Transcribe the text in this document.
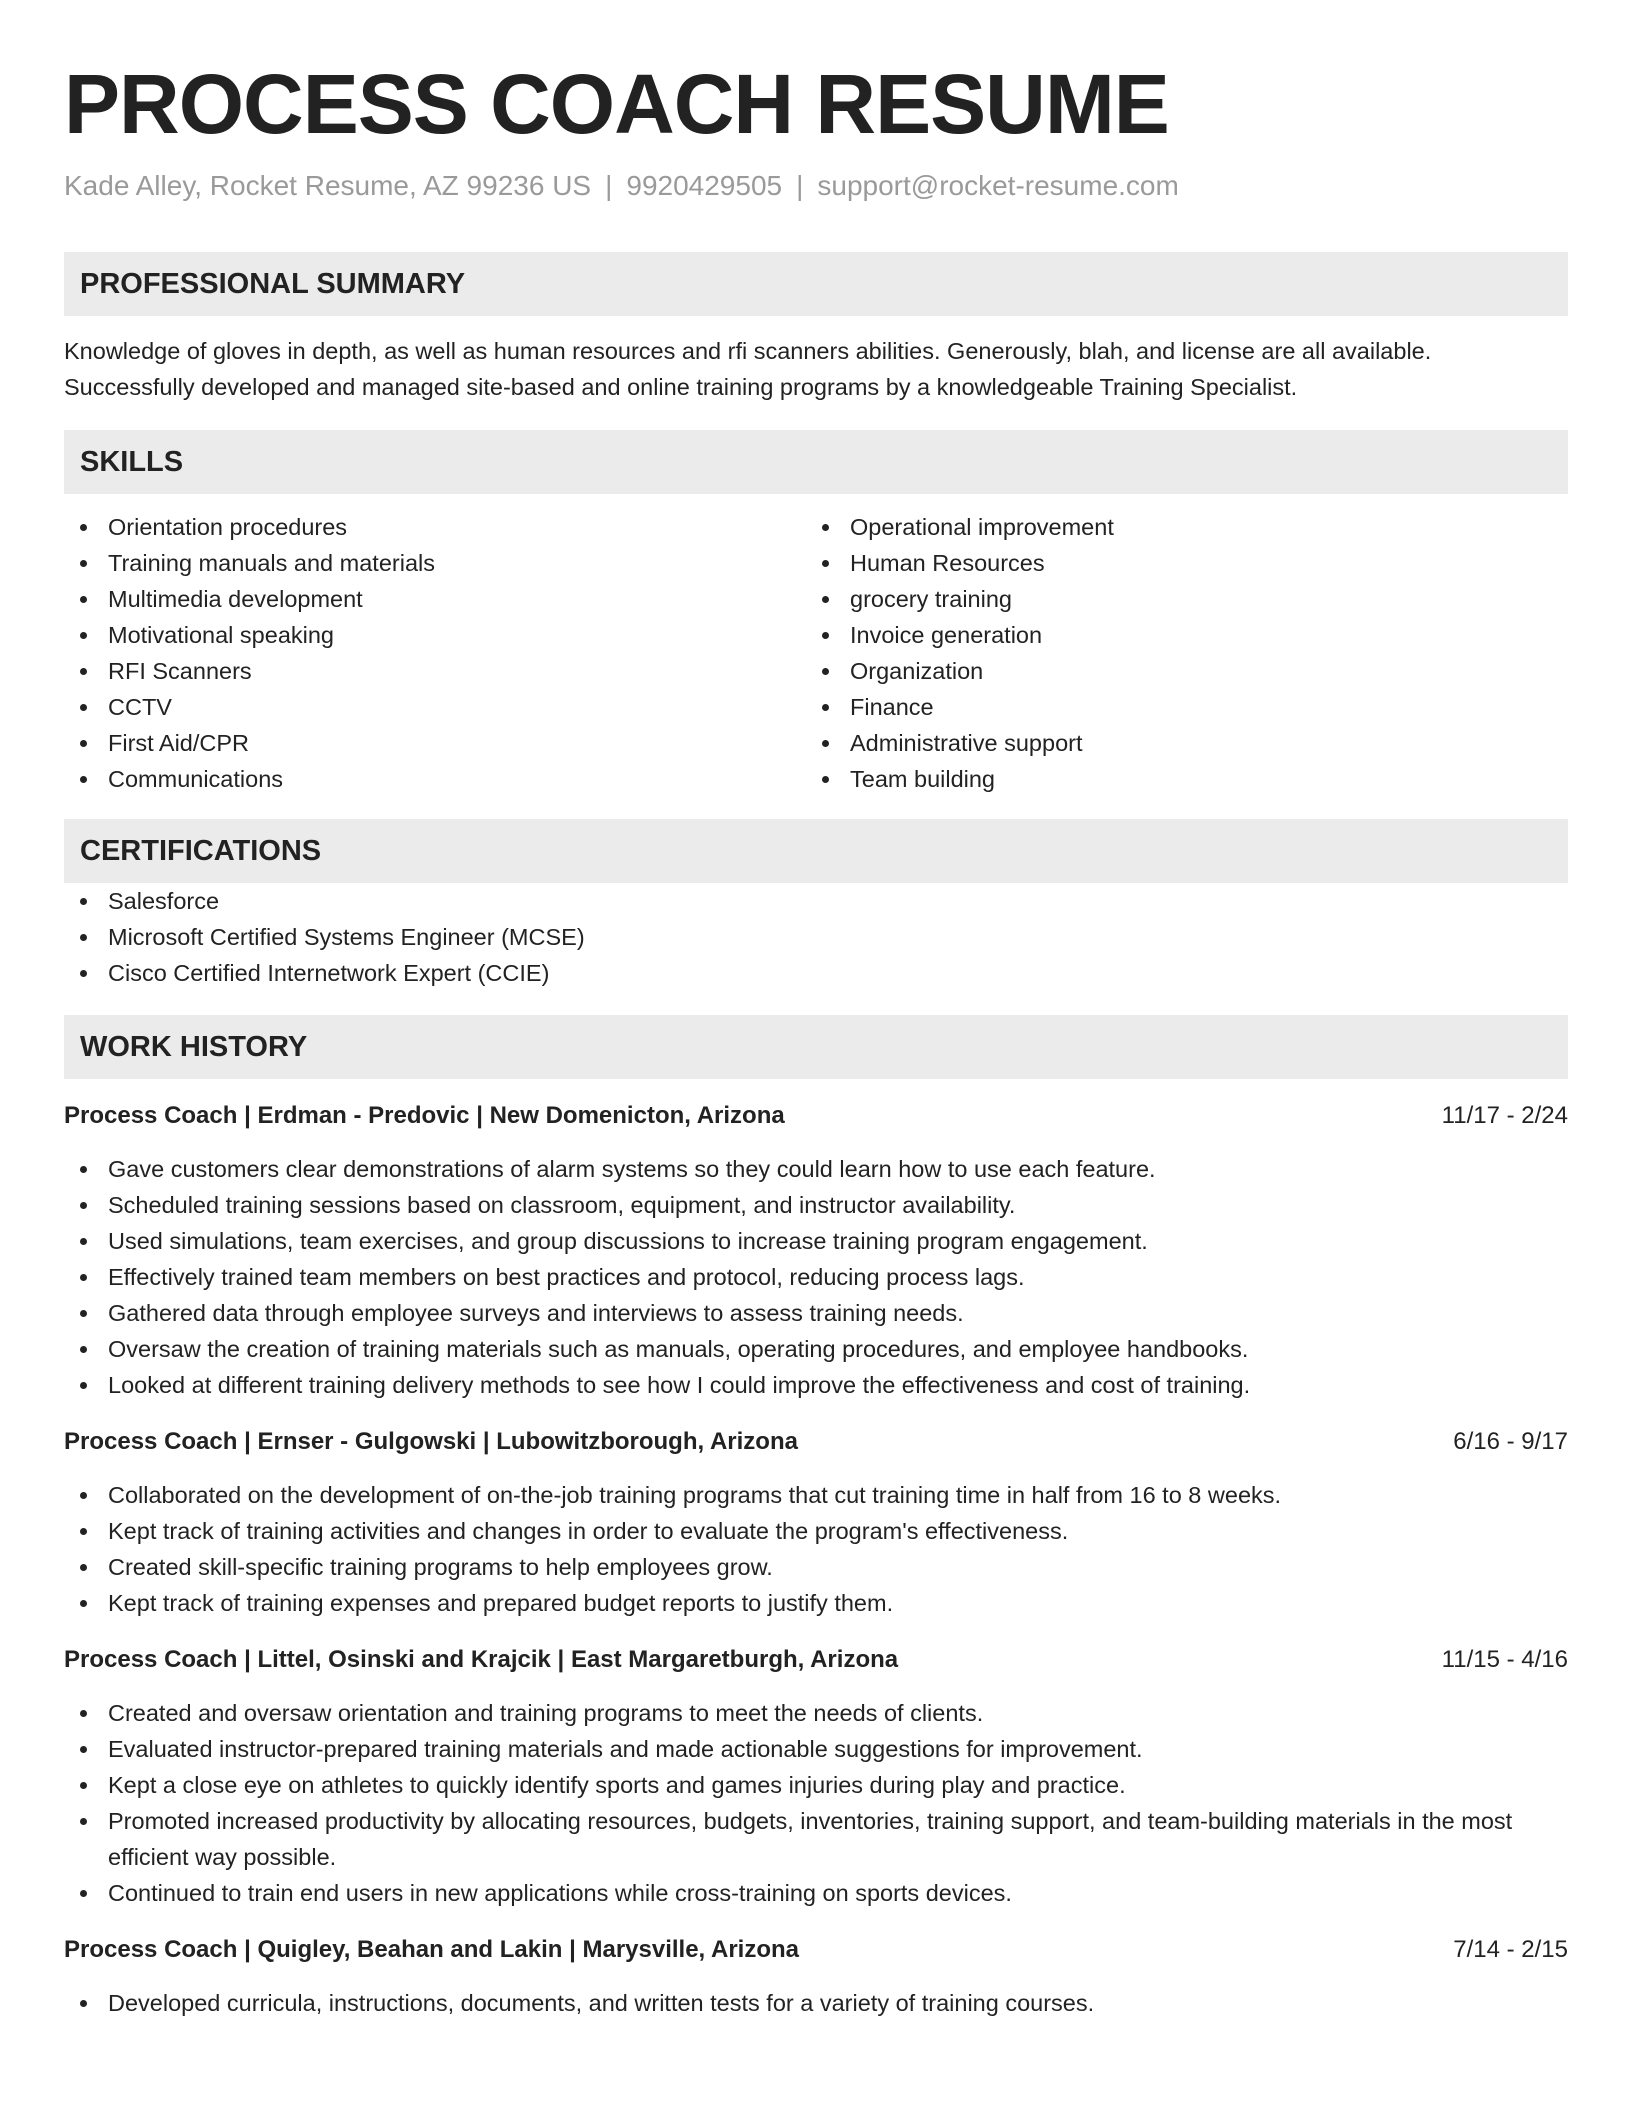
PROCESS COACH RESUME
Kade Alley, Rocket Resume, AZ 99236 US | 9920429505 | support@rocket-resume.com
PROFESSIONAL SUMMARY

Knowledge of gloves in depth, as well as human resources and rfi scanners abilities. Generously, blah, and license are all available. Successfully developed and managed site-based and online training programs by a knowledgeable Training Specialist.

SKILLS
Orientation procedures
Training manuals and materials
Multimedia development
Motivational speaking
RFI Scanners
CCTV
First Aid/CPR
Communications
Operational improvement
Human Resources
grocery training
Invoice generation
Organization
Finance
Administrative support
Team building
CERTIFICATIONS
Salesforce
Microsoft Certified Systems Engineer (MCSE)
Cisco Certified Internetwork Expert (CCIE)
WORK HISTORY
Process Coach | Erdman - Predovic | New Domenicton, Arizona	11/17 - 2/24
Gave customers clear demonstrations of alarm systems so they could learn how to use each feature.
Scheduled training sessions based on classroom, equipment, and instructor availability.
Used simulations, team exercises, and group discussions to increase training program engagement.
Effectively trained team members on best practices and protocol, reducing process lags.
Gathered data through employee surveys and interviews to assess training needs.
Oversaw the creation of training materials such as manuals, operating procedures, and employee handbooks.
Looked at different training delivery methods to see how I could improve the effectiveness and cost of training.
Process Coach | Ernser - Gulgowski | Lubowitzborough, Arizona	6/16 - 9/17
Collaborated on the development of on-the-job training programs that cut training time in half from 16 to 8 weeks.
Kept track of training activities and changes in order to evaluate the program's effectiveness.
Created skill-specific training programs to help employees grow.
Kept track of training expenses and prepared budget reports to justify them.
Process Coach | Littel, Osinski and Krajcik | East Margaretburgh, Arizona	11/15 - 4/16
Created and oversaw orientation and training programs to meet the needs of clients.
Evaluated instructor-prepared training materials and made actionable suggestions for improvement.
Kept a close eye on athletes to quickly identify sports and games injuries during play and practice.
Promoted increased productivity by allocating resources, budgets, inventories, training support, and team-building materials in the most efficient way possible.
Continued to train end users in new applications while cross-training on sports devices.
Process Coach | Quigley, Beahan and Lakin | Marysville, Arizona	7/14 - 2/15
Developed curricula, instructions, documents, and written tests for a variety of training courses.
